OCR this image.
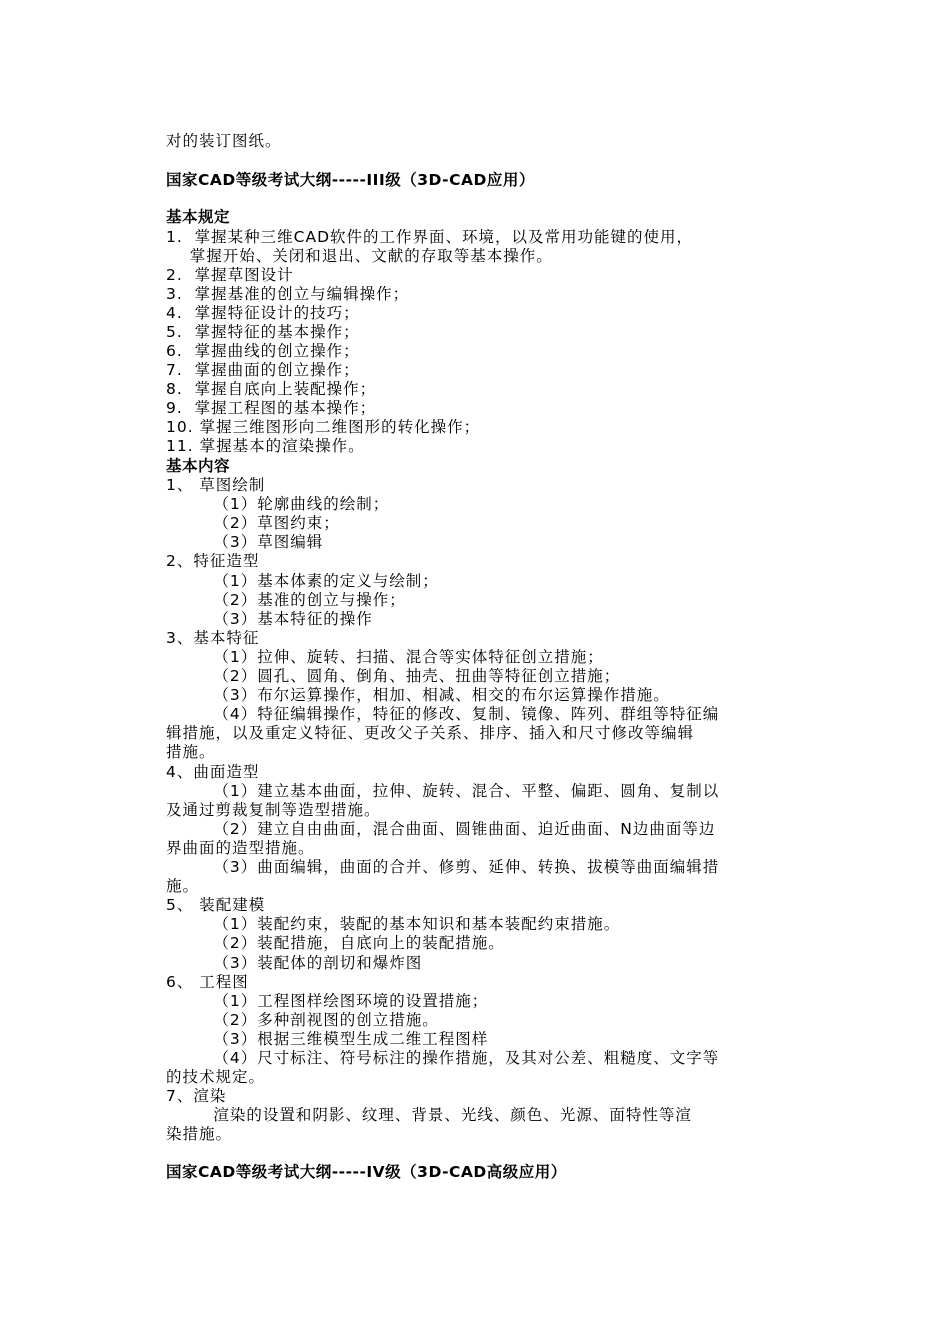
对的装订图纸。
国家CAD等级考试大纲-----III级（3D-CAD应用）
基本规定
1.  掌握某种三维CAD软件的工作界面、环境，以及常用功能键的使用，
掌握开始、关闭和退出、文献的存取等基本操作。
2.  掌握草图设计
3.  掌握基准的创立与编辑操作；
4.  掌握特征设计的技巧；
5.  掌握特征的基本操作；
6.  掌握曲线的创立操作；
7.  掌握曲面的创立操作；
8.  掌握自底向上装配操作；
9.  掌握工程图的基本操作；
10. 掌握三维图形向二维图形的转化操作；
11. 掌握基本的渲染操作。
基本内容
1、 草图绘制
（1）轮廓曲线的绘制；
（2）草图约束；
（3）草图编辑
2、特征造型
（1）基本体素的定义与绘制；
（2）基准的创立与操作；
（3）基本特征的操作
3、基本特征
（1）拉伸、旋转、扫描、混合等实体特征创立措施；
（2）圆孔、圆角、倒角、抽壳、扭曲等特征创立措施；
（3）布尔运算操作，相加、相减、相交的布尔运算操作措施。
（4）特征编辑操作，特征的修改、复制、镜像、阵列、群组等特征编
辑措施，以及重定义特征、更改父子关系、排序、插入和尺寸修改等编辑
措施。
4、曲面造型
（1）建立基本曲面，拉伸、旋转、混合、平整、偏距、圆角、复制以
及通过剪裁复制等造型措施。
（2）建立自由曲面，混合曲面、圆锥曲面、迫近曲面、N边曲面等边
界曲面的造型措施。
（3）曲面编辑，曲面的合并、修剪、延伸、转换、拔模等曲面编辑措
施。
5、 装配建模
（1）装配约束，装配的基本知识和基本装配约束措施。
（2）装配措施，自底向上的装配措施。
（3）装配体的剖切和爆炸图
6、 工程图
（1）工程图样绘图环境的设置措施；
（2）多种剖视图的创立措施。
（3）根据三维模型生成二维工程图样
（4）尺寸标注、符号标注的操作措施，及其对公差、粗糙度、文字等
的技术规定。
7、渲染
渲染的设置和阴影、纹理、背景、光线、颜色、光源、面特性等渲
染措施。
国家CAD等级考试大纲-----IV级（3D-CAD高级应用）
